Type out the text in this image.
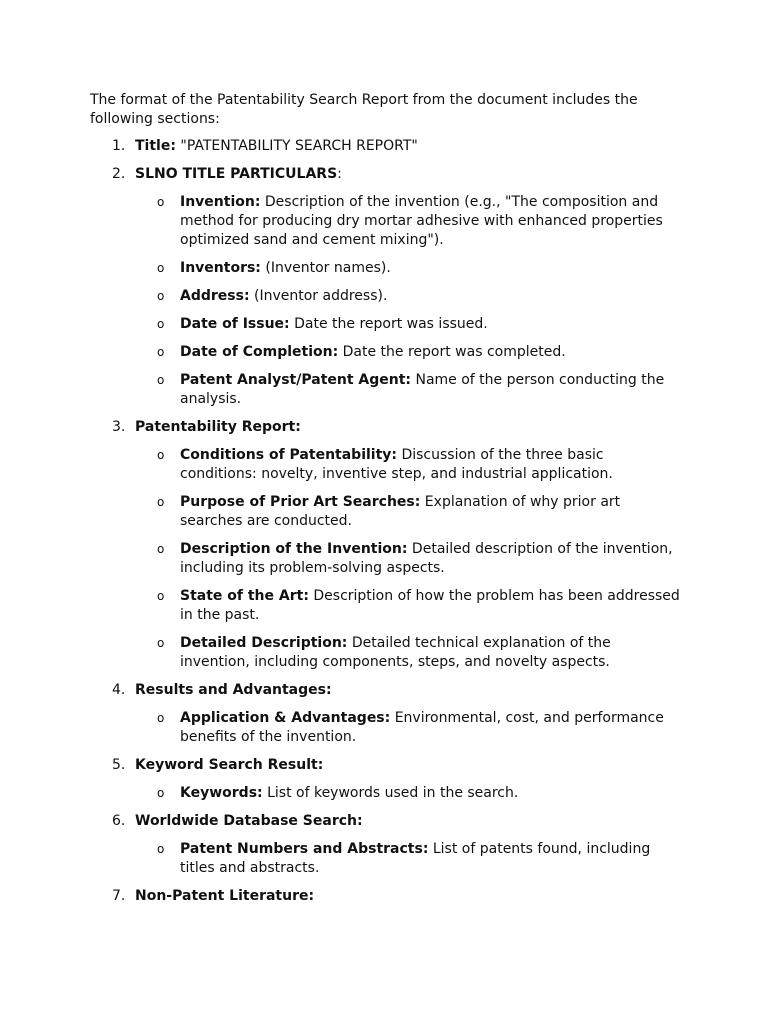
The format of the Patentability Search Report from the document includes the following sections:

1. Title: "PATENTABILITY SEARCH REPORT"
2. SLNO TITLE PARTICULARS:
o Invention: Description of the invention (e.g., "The composition and method for producing dry mortar adhesive with enhanced properties optimized sand and cement mixing").
o Inventors: (Inventor names).
o Address: (Inventor address).
o Date of Issue: Date the report was issued.
o Date of Completion: Date the report was completed.
o Patent Analyst/Patent Agent: Name of the person conducting the analysis.
3. Patentability Report:
o Conditions of Patentability: Discussion of the three basic conditions: novelty, inventive step, and industrial application.
o Purpose of Prior Art Searches: Explanation of why prior art searches are conducted.
o Description of the Invention: Detailed description of the invention, including its problem-solving aspects.
o State of the Art: Description of how the problem has been addressed in the past.
o Detailed Description: Detailed technical explanation of the invention, including components, steps, and novelty aspects.
4. Results and Advantages:
o Application & Advantages: Environmental, cost, and performance benefits of the invention.
5. Keyword Search Result:
o Keywords: List of keywords used in the search.
6. Worldwide Database Search:
o Patent Numbers and Abstracts: List of patents found, including titles and abstracts.
7. Non-Patent Literature:
